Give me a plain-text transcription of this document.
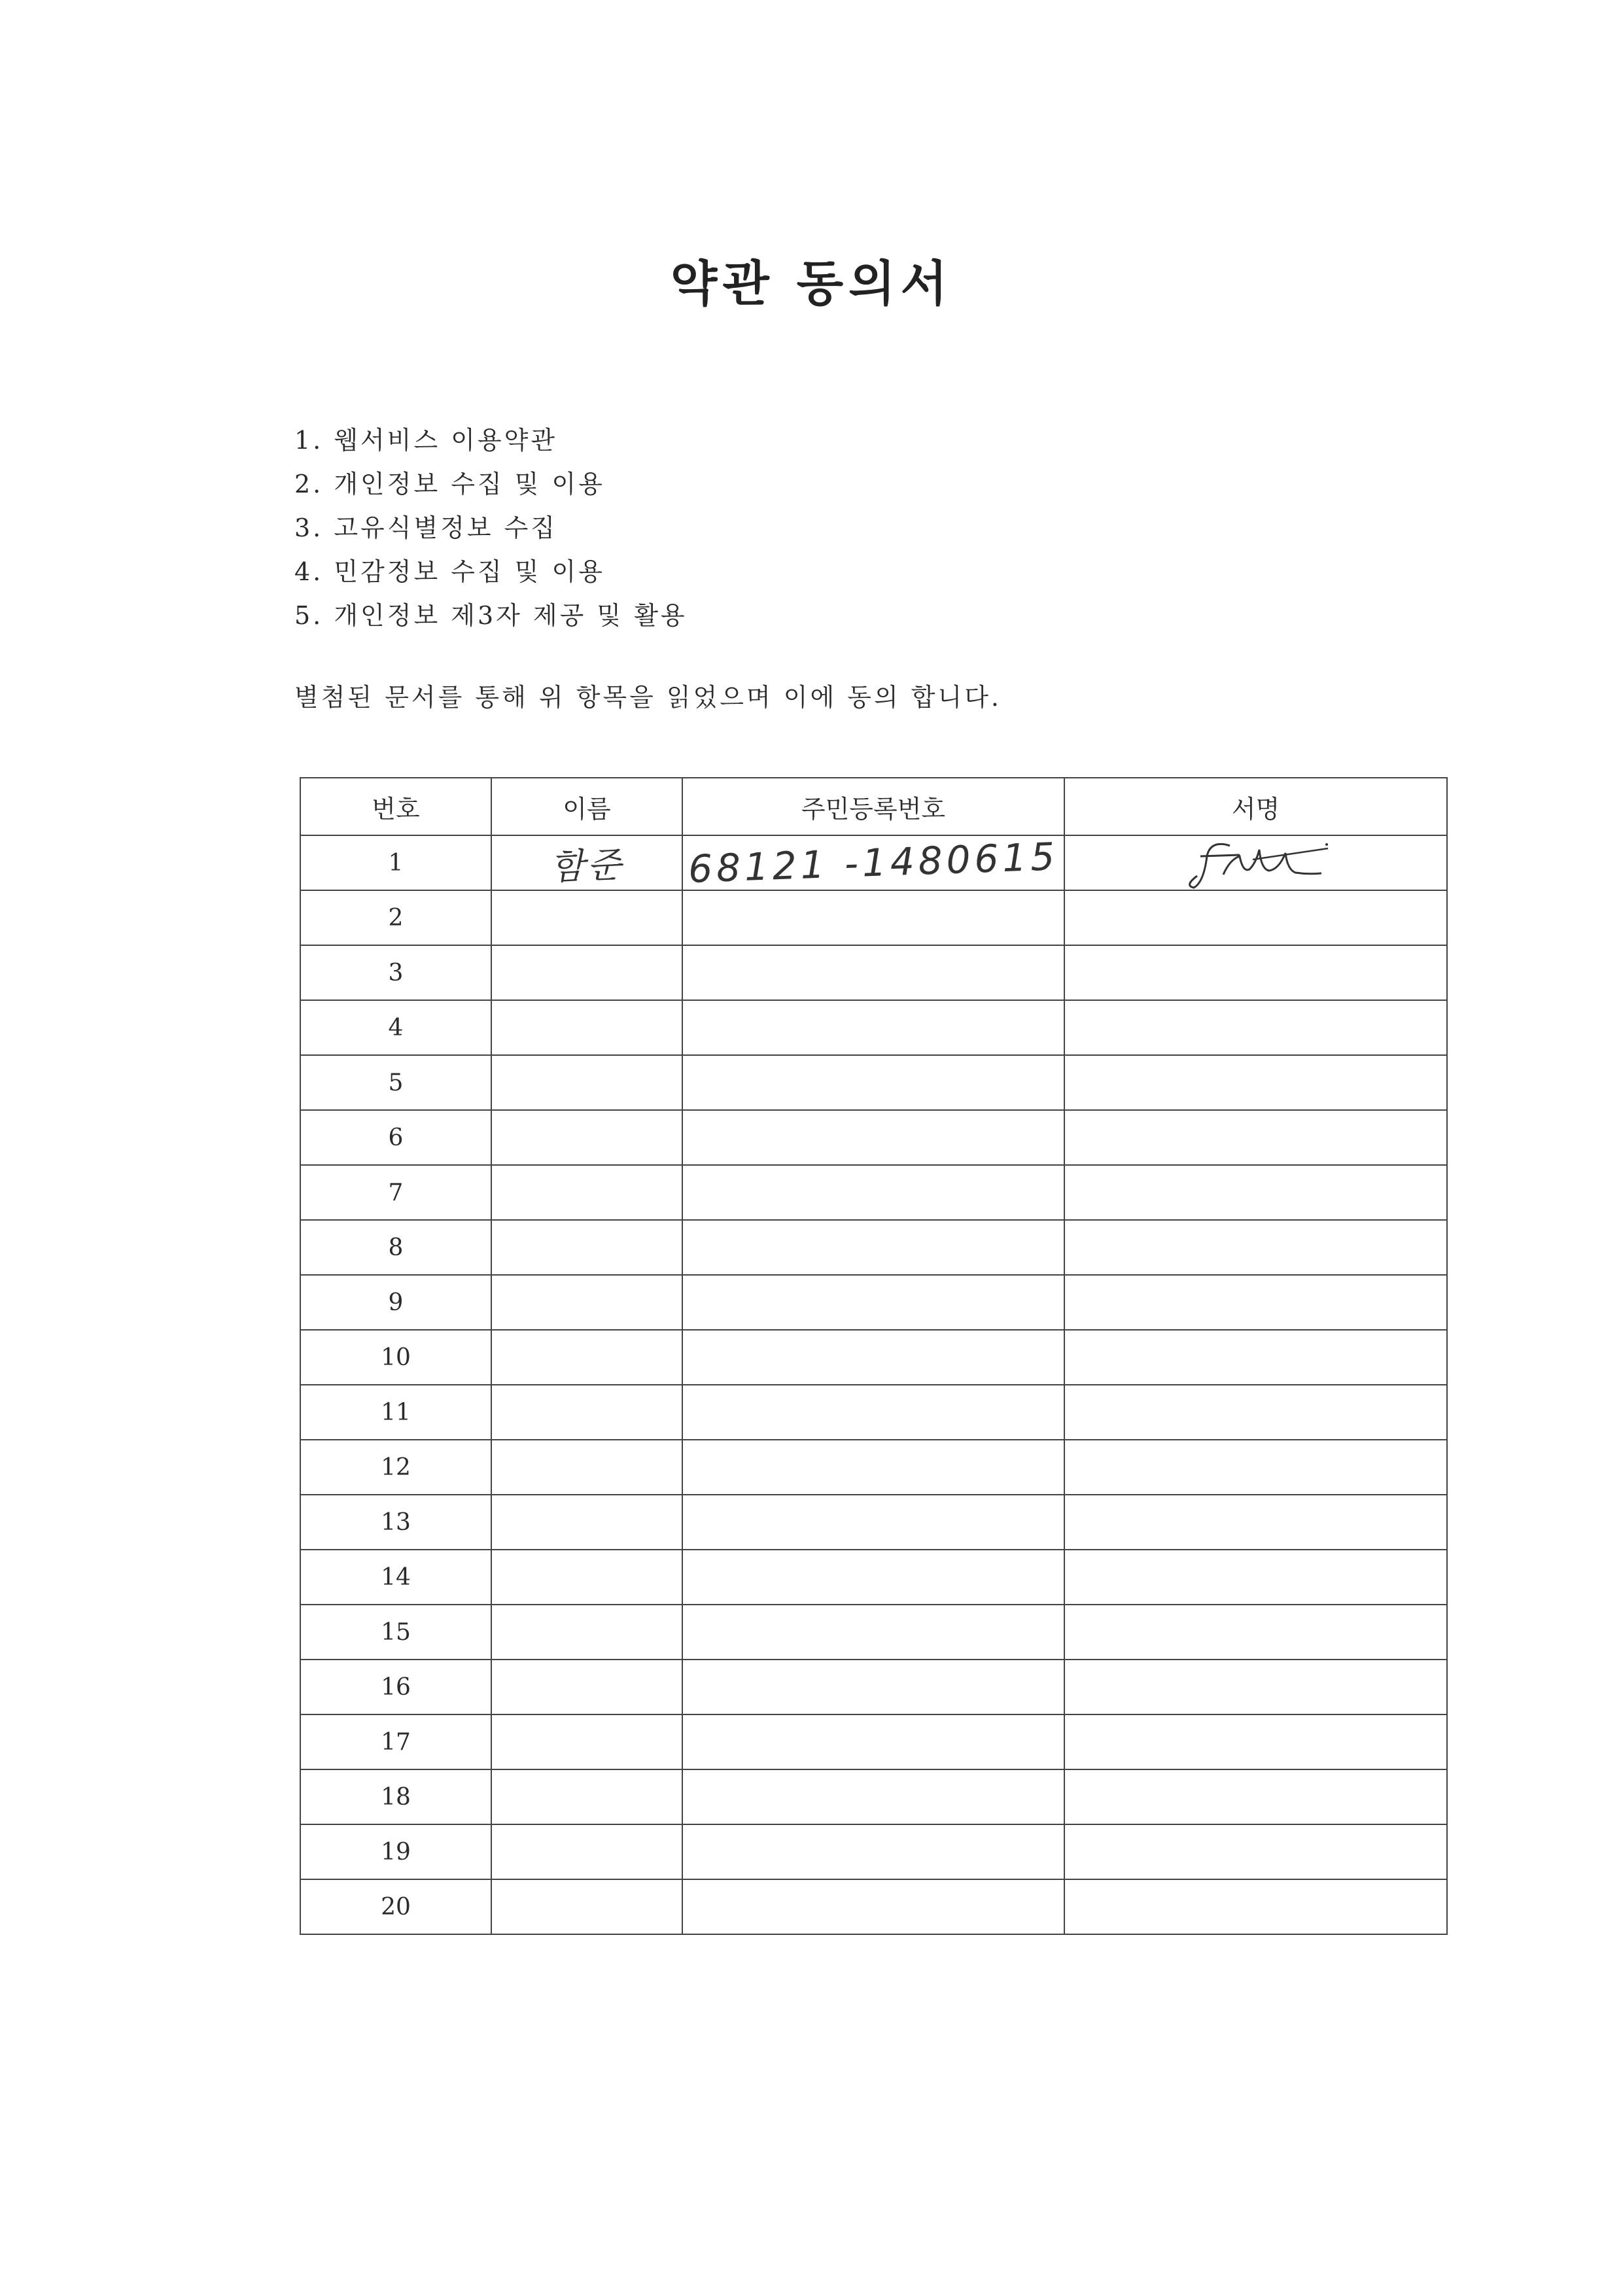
약관 동의서
1. 웹서비스 이용약관
2. 개인정보 수집 및 이용
3. 고유식별정보 수집
4. 민감정보 수집 및 이용
5. 개인정보 제3자 제공 및 활용
별첨된 문서를 통해 위 항목을 읽었으며 이에 동의 합니다.
번호	이름	주민등록번호	서명
1	함준	68121 -1480615	

2			
3			
4			
5			
6			
7			
8			
9			
10			
11			
12			
13			
14			
15			
16			
17			
18			
19			
20			
